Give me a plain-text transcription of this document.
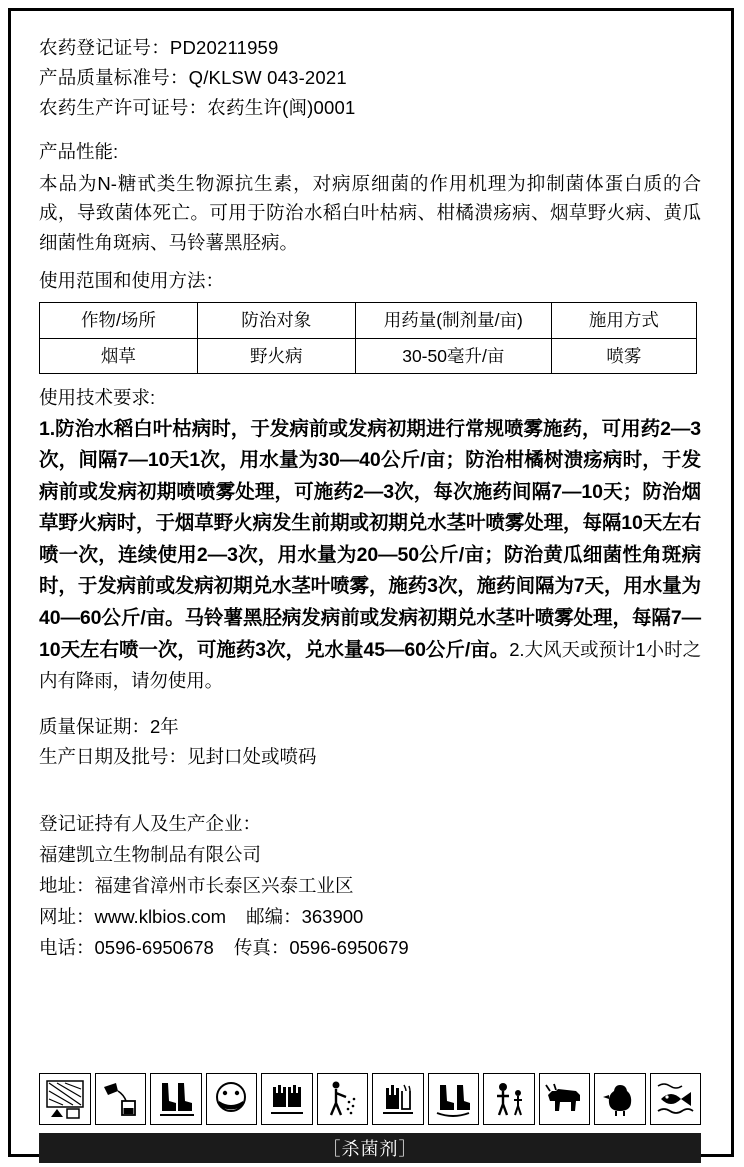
农药登记证号：PD20211959
产品质量标准号：Q/KLSW 043-2021
农药生产许可证号：农药生许(闽)0001
产品性能:
本品为N-糖甙类生物源抗生素，对病原细菌的作用机理为抑制菌体蛋白质的合成，导致菌体死亡。可用于防治水稻白叶枯病、柑橘溃疡病、烟草野火病、黄瓜细菌性角斑病、马铃薯黑胫病。
使用范围和使用方法：
作物/场所	防治对象	用药量(制剂量/亩)	施用方式
烟草	野火病	30-50毫升/亩	喷雾
使用技术要求:
1.防治水稻白叶枯病时，于发病前或发病初期进行常规喷雾施药，可用药2—3次，间隔7—10天1次，用水量为30—40公斤/亩；防治柑橘树溃疡病时，于发病前或发病初期喷喷雾处理，可施药2—3次，每次施药间隔7—10天；防治烟草野火病时，于烟草野火病发生前期或初期兑水茎叶喷雾处理，每隔10天左右喷一次，连续使用2—3次，用水量为20—50公斤/亩；防治黄瓜细菌性角斑病时，于发病前或发病初期兑水茎叶喷雾，施药3次，施药间隔为7天，用水量为40—60公斤/亩。马铃薯黑胫病发病前或发病初期兑水茎叶喷雾处理，每隔7—10天左右喷一次，可施药3次，兑水量45—60公斤/亩。2.大风天或预计1小时之内有降雨，请勿使用。
质量保证期：2年
生产日期及批号：见封口处或喷码
登记证持有人及生产企业：
福建凯立生物制品有限公司
地址：福建省漳州市长泰区兴泰工业区
网址：www.klbios.com 邮编：363900
电话：0596-6950678 传真：0596-6950679
［杀菌剂］
